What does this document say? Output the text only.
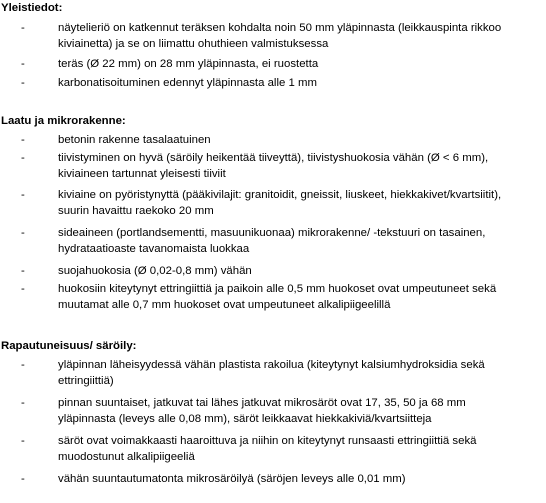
Yleistiedot:
-	näytelieriö on katkennut teräksen kohdalta noin 50 mm yläpinnasta (leikkauspinta rikkoo
kiviainetta) ja se on liimattu ohuthieen valmistuksessa
-	teräs (Ø 22 mm) on 28 mm yläpinnasta, ei ruostetta
-	karbonatisoituminen edennyt yläpinnasta alle 1 mm
Laatu ja mikrorakenne:
-	betonin rakenne tasalaatuinen
-	tiivistyminen on hyvä (säröily heikentää tiiveyttä), tiivistyshuokosia vähän (Ø < 6 mm),
kiviaineen tartunnat yleisesti tiiviit
-	kiviaine on pyöristynyttä (pääkivilajit: granitoidit, gneissit, liuskeet, hiekkakivet/kvartsiitit),
suurin havaittu raekoko 20 mm
-	sideaineen (portlandsementti, masuunikuonaa) mikrorakenne/ -tekstuuri on tasainen,
hydrataatioaste tavanomaista luokkaa
-	suojahuokosia (Ø 0,02-0,8 mm) vähän
-	huokosiin kiteytynyt ettringiittiä ja paikoin alle 0,5 mm huokoset ovat umpeutuneet sekä
muutamat alle 0,7 mm huokoset ovat umpeutuneet alkalipiigeelillä
Rapautuneisuus/ säröily:
-	yläpinnan läheisyydessä vähän plastista rakoilua (kiteytynyt kalsiumhydroksidia sekä
ettringiittiä)
-	pinnan suuntaiset, jatkuvat tai lähes jatkuvat mikrosäröt ovat 17, 35, 50 ja 68 mm
yläpinnasta (leveys alle 0,08 mm), säröt leikkaavat hiekkakiviä/kvartsiitteja
-	säröt ovat voimakkaasti haaroittuva ja niihin on kiteytynyt runsaasti ettringiittiä sekä
muodostunut alkalipiigeeliä
-	vähän suuntautumatonta mikrosäröilyä (säröjen leveys alle 0,01 mm)
